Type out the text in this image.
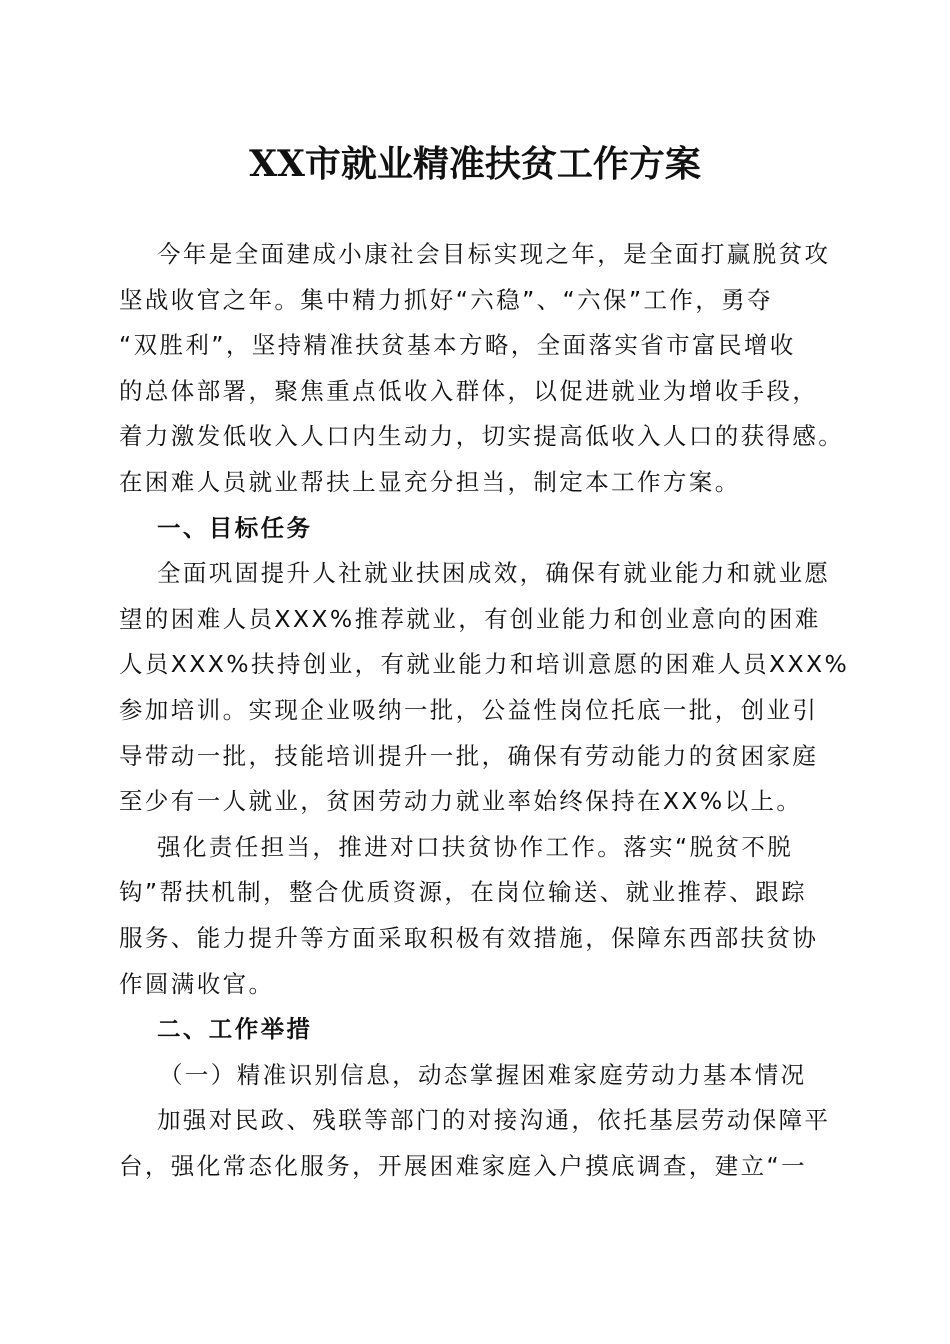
XX市就业精准扶贫工作方案
今年是全面建成小康社会目标实现之年，是全面打赢脱贫攻
坚战收官之年。集中精力抓好“六稳”、“六保”工作，勇夺
“双胜利”，坚持精准扶贫基本方略，全面落实省市富民增收
的总体部署，聚焦重点低收入群体，以促进就业为增收手段，
着力激发低收入人口内生动力，切实提高低收入人口的获得感。
在困难人员就业帮扶上显充分担当，制定本工作方案。
一、目标任务
全面巩固提升人社就业扶困成效，确保有就业能力和就业愿
望的困难人员XXX%推荐就业，有创业能力和创业意向的困难
人员XXX%扶持创业，有就业能力和培训意愿的困难人员XXX%
参加培训。实现企业吸纳一批，公益性岗位托底一批，创业引
导带动一批，技能培训提升一批，确保有劳动能力的贫困家庭
至少有一人就业，贫困劳动力就业率始终保持在XX%以上。
强化责任担当，推进对口扶贫协作工作。落实“脱贫不脱
钩”帮扶机制，整合优质资源，在岗位输送、就业推荐、跟踪
服务、能力提升等方面采取积极有效措施，保障东西部扶贫协
作圆满收官。
二、工作举措
（一）精准识别信息，动态掌握困难家庭劳动力基本情况
加强对民政、残联等部门的对接沟通，依托基层劳动保障平
台，强化常态化服务，开展困难家庭入户摸底调查，建立“一
